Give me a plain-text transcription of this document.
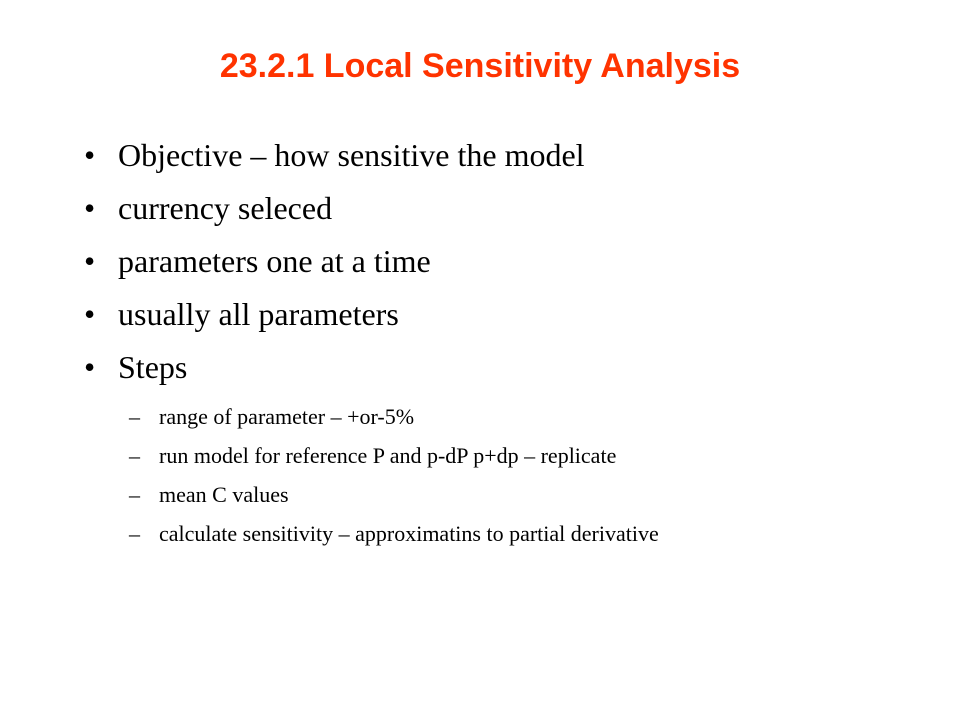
23.2.1 Local Sensitivity Analysis
• Objective – how sensitive the model
• currency seleced
• parameters one at a time
• usually all parameters
• Steps
– range of parameter – +or-5%
– run model for reference P and p-dP p+dp – replicate
– mean C values
– calculate sensitivity – approximatins to partial derivative
